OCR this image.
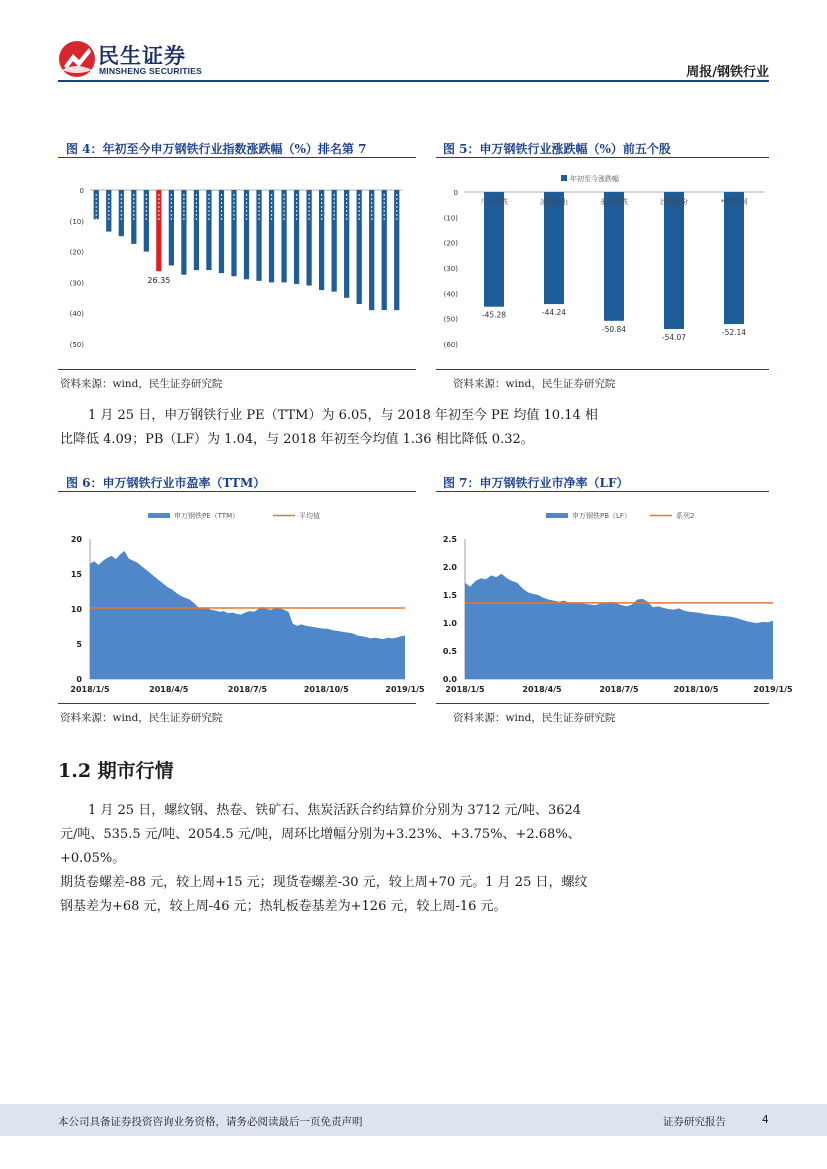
民生证券
MINSHENG SECURITIES	周报/钢铁行业
图 4：年初至今申万钢铁行业指数涨跌幅（%）排名第 7
0
(10)
(20)
(30)
(40)
(50)
26.35
资料来源：wind，民生证券研究院
图 5：申万钢铁行业涨跌幅（%）前五个股
0
(10)
(20)
(30)
(40)
(50)
(60)
年初至今涨跌幅
八一钢铁
-45.28
凌钢股山
-44.24
永兴钢铁
-50.84
沙钢股份
-54.07
*ST抚钢
-52.14
资料来源：wind，民生证券研究院
1 月 25 日，申万钢铁行业 PE（TTM）为 6.05，与 2018 年初至今 PE 均值 10.14 相
比降低 4.09；PB（LF）为 1.04，与 2018 年初至今均值 1.36 相比降低 0.32。
图 6：申万钢铁行业市盈率（TTM）
申万钢铁PE（TTM）	平均值
20
15
10
5
0
2018/1/5	2018/4/5	2018/7/5	2018/10/5	2019/1/5
资料来源：wind，民生证券研究院
图 7：申万钢铁行业市净率（LF）
申万钢铁PB（LF）	系列2
2.5
2.0
1.5
1.0
0.5
0.0
2018/1/5	2018/4/5	2018/7/5	2018/10/5	2019/1/5
资料来源：wind，民生证券研究院
1.2 期市行情
1 月 25 日，螺纹钢、热卷、铁矿石、焦炭活跃合约结算价分别为 3712 元/吨、3624
元/吨、535.5 元/吨、2054.5 元/吨，周环比增幅分别为+3.23%、+3.75%、+2.68%、+0.05%。
期货卷螺差-88 元，较上周+15 元；现货卷螺差-30 元，较上周+70 元。1 月 25 日，螺纹
钢基差为+68 元，较上周-46 元；热轧板卷基差为+126 元，较上周-16 元。
本公司具备证券投资咨询业务资格，请务必阅读最后一页免责声明	证券研究报告	4
